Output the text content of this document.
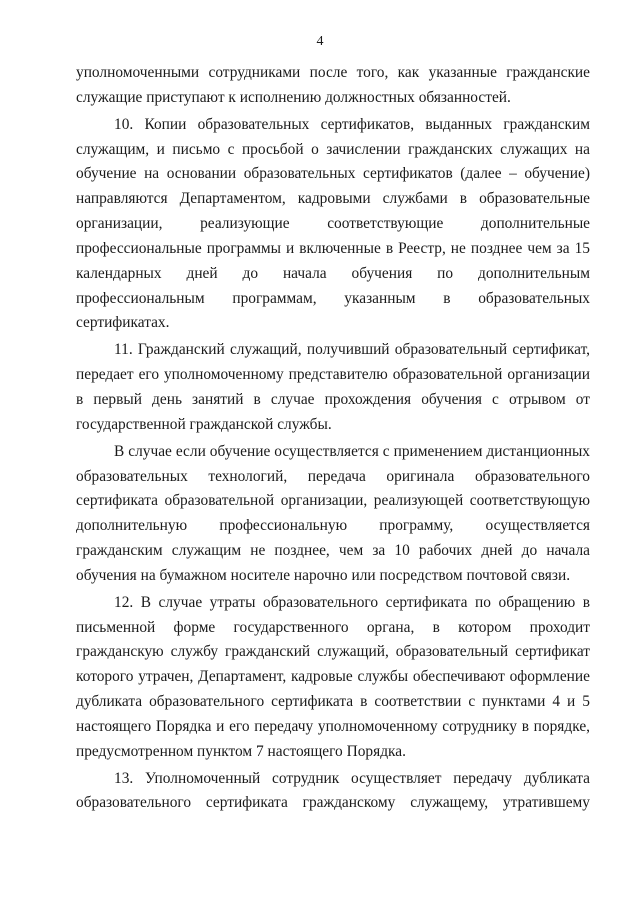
4

уполномоченными сотрудниками после того, как указанные гражданские служащие приступают к исполнению должностных обязанностей.

10. Копии образовательных сертификатов, выданных гражданским служащим, и письмо с просьбой о зачислении гражданских служащих на обучение на основании образовательных сертификатов (далее – обучение) направляются Департаментом, кадровыми службами в образовательные организации, реализующие соответствующие дополнительные профессиональные программы и включенные в Реестр, не позднее чем за 15 календарных дней до начала обучения по дополнительным профессиональным программам, указанным в образовательных сертификатах.

11. Гражданский служащий, получивший образовательный сертификат, передает его уполномоченному представителю образовательной организации в первый день занятий в случае прохождения обучения с отрывом от государственной гражданской службы.

В случае если обучение осуществляется с применением дистанционных образовательных технологий, передача оригинала образовательного сертификата образовательной организации, реализующей соответствующую дополнительную профессиональную программу, осуществляется гражданским служащим не позднее, чем за 10 рабочих дней до начала обучения на бумажном носителе нарочно или посредством почтовой связи.

12. В случае утраты образовательного сертификата по обращению в письменной форме государственного органа, в котором проходит гражданскую службу гражданский служащий, образовательный сертификат которого утрачен, Департамент, кадровые службы обеспечивают оформление дубликата образовательного сертификата в соответствии с пунктами 4 и 5 настоящего Порядка и его передачу уполномоченному сотруднику в порядке, предусмотренном пунктом 7 настоящего Порядка.

13. Уполномоченный сотрудник осуществляет передачу дубликата образовательного сертификата гражданскому служащему, утратившему
